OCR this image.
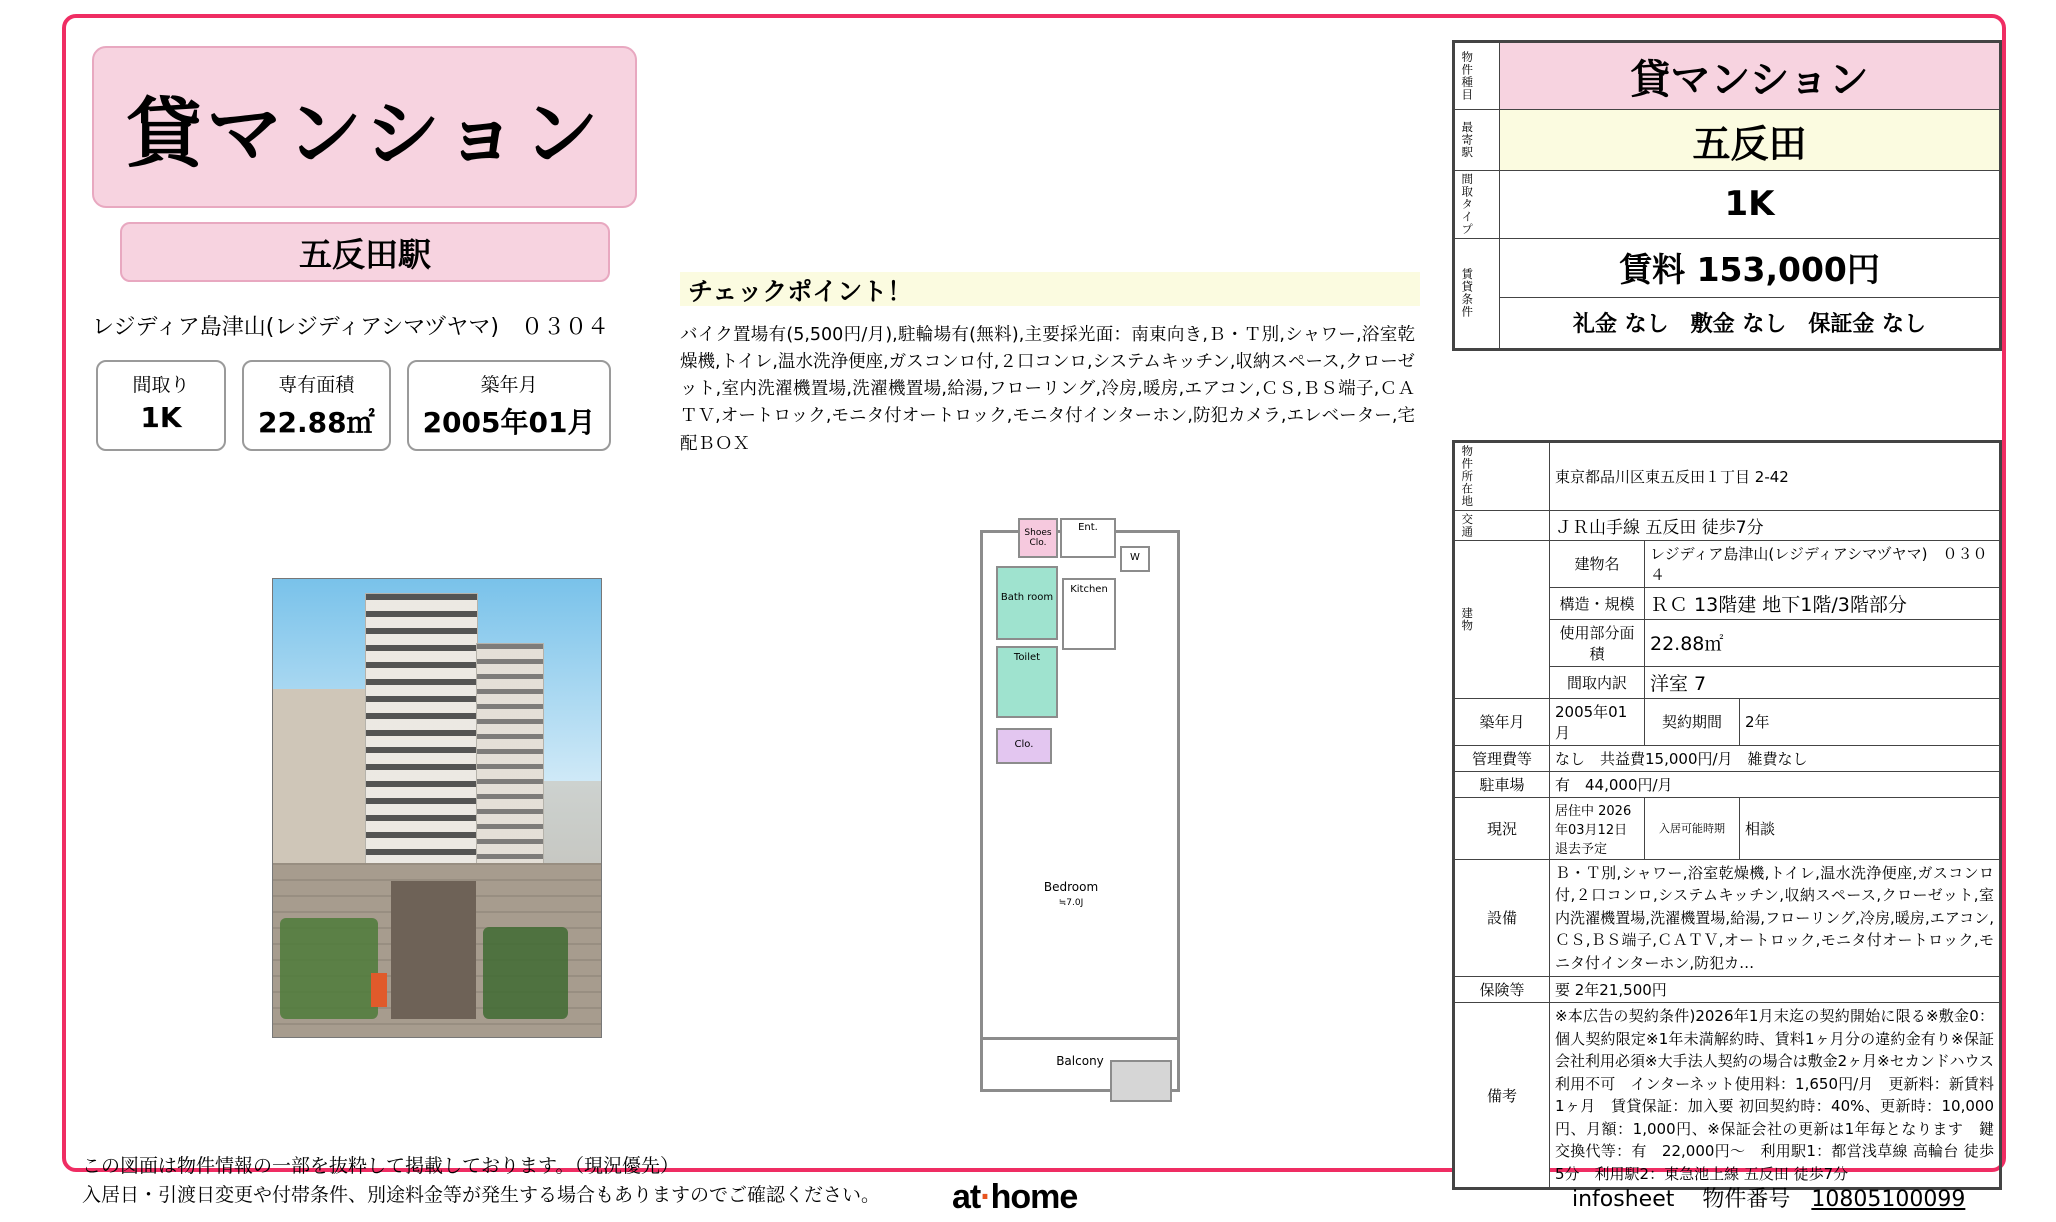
貸マンション
五反田駅
レジディア島津山(レジディアシマヅヤマ)　０３０４
間取り
1K
専有面積
22.88㎡
築年月
2005年01月
チェックポイント！
バイク置場有(5,500円/月),駐輪場有(無料),主要採光面：南東向き,Ｂ・Ｔ別,シャワー,浴室乾燥機,トイレ,温水洗浄便座,ガスコンロ付,２口コンロ,システムキッチン,収納スペース,クローゼット,室内洗濯機置場,洗濯機置場,給湯,フローリング,冷房,暖房,エアコン,ＣＳ,ＢＳ端子,ＣＡＴＶ,オートロック,モニタ付オートロック,モニタ付インターホン,防犯カメラ,エレベーター,宅配ＢＯＸ
Shoes Clo.
Ent.
W
Bath room
Kitchen
Toilet
Clo.
Bedroom
≒7.0J
Balcony
物件種目	貸マンション

最寄駅	五反田

間取タイプ	1K

賃貸条件	賃料 153,000円
	礼金 なし　敷金 なし　保証金 なし
物件所在地	東京都品川区東五反田１丁目 2-42		

交通	ＪＲ山手線 五反田 徒歩7分		

建物	建物名	レジディア島津山(レジディアシマヅヤマ)　０３０４	
	構造・規模	ＲＣ 13階建 地下1階/3階部分	
	使用部分面積	22.88㎡	
	間取内訳	洋室 7	
築年月	2005年01月	契約期間	2年
管理費等	なし　共益費15,000円/月　雑費なし		
駐車場	有　44,000円/月		
現況	居住中 2026年03月12日退去予定	入居可能時期	相談
設備	Ｂ・Ｔ別,シャワー,浴室乾燥機,トイレ,温水洗浄便座,ガスコンロ付,２口コンロ,システムキッチン,収納スペース,クローゼット,室内洗濯機置場,洗濯機置場,給湯,フローリング,冷房,暖房,エアコン,ＣＳ,ＢＳ端子,ＣＡＴＶ,オートロック,モニタ付オートロック,モニタ付インターホン,防犯カ…		
保険等	要 2年21,500円		
備考	※本広告の契約条件)2026年1月末迄の契約開始に限る※敷金0：個人契約限定※1年未満解約時、賃料1ヶ月分の違約金有り※保証会社利用必須※大手法人契約の場合は敷金2ヶ月※セカンドハウス利用不可　インターネット使用料：1,650円/月　更新料：新賃料1ヶ月　賃貸保証：加入要 初回契約時：40%、更新時：10,000円、月額：1,000円、※保証会社の更新は1年毎となります　鍵交換代等：有　22,000円〜　利用駅1：都営浅草線 高輪台 徒歩5分　利用駅2：東急池上線 五反田 徒歩7分		
この図面は物件情報の一部を抜粋して掲載しております。（現況優先）
入居日・引渡日変更や付帯条件、別途料金等が発生する場合もありますのでご確認ください。 at·home	infosheet 物件番号 10805100099
